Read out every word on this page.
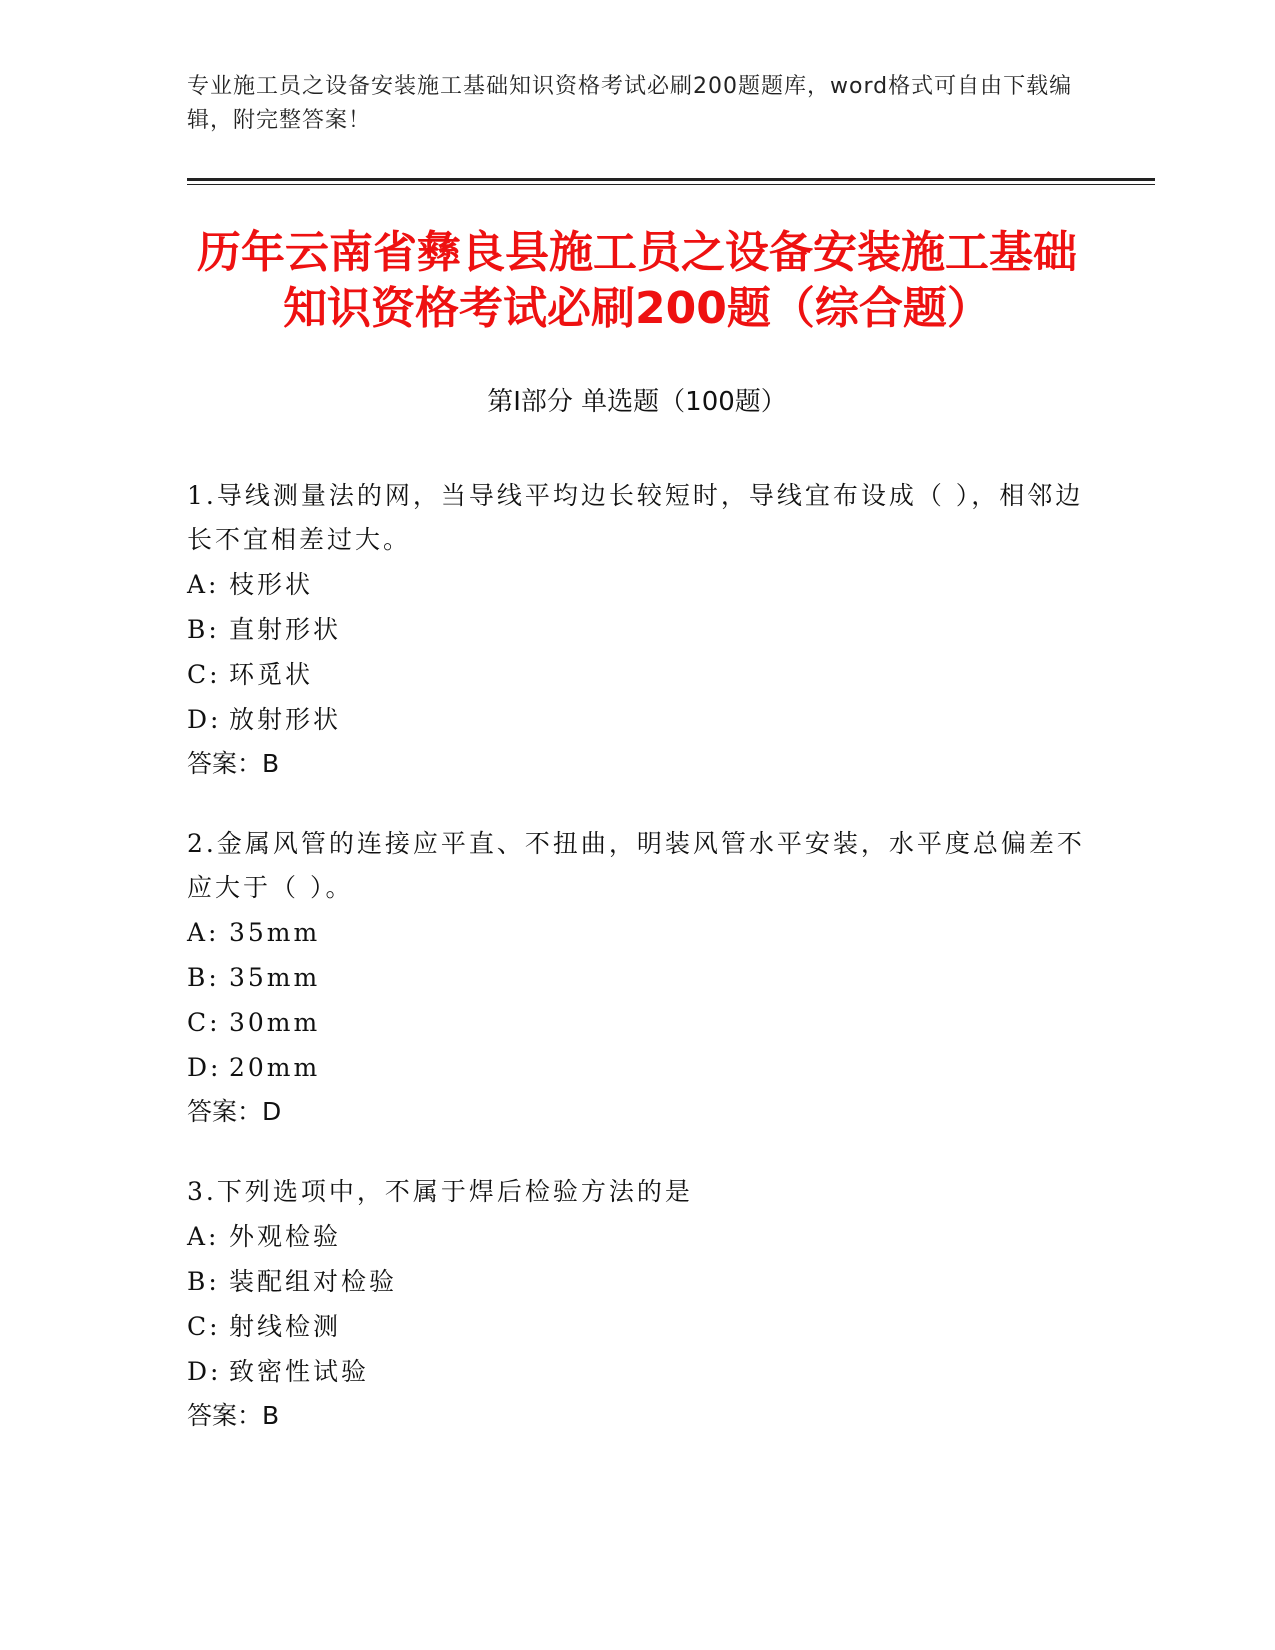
专业施工员之设备安装施工基础知识资格考试必刷200题题库，word格式可自由下载编辑，附完整答案！
历年云南省彝良县施工员之设备安装施工基础知识资格考试必刷200题（综合题）
第Ⅰ部分 单选题（100题）

1.导线测量法的网，当导线平均边长较短时，导线宜布设成（ ），相邻边长不宜相差过大。

A: 枝形状

B: 直射形状

C: 环觅状

D: 放射形状

答案：B

2.金属风管的连接应平直、不扭曲，明装风管水平安装，水平度总偏差不应大于（ ）。

A: 35mm

B: 35mm

C: 30mm

D: 20mm

答案：D

3.下列选项中，不属于焊后检验方法的是

A: 外观检验

B: 装配组对检验

C: 射线检测

D: 致密性试验

答案：B
